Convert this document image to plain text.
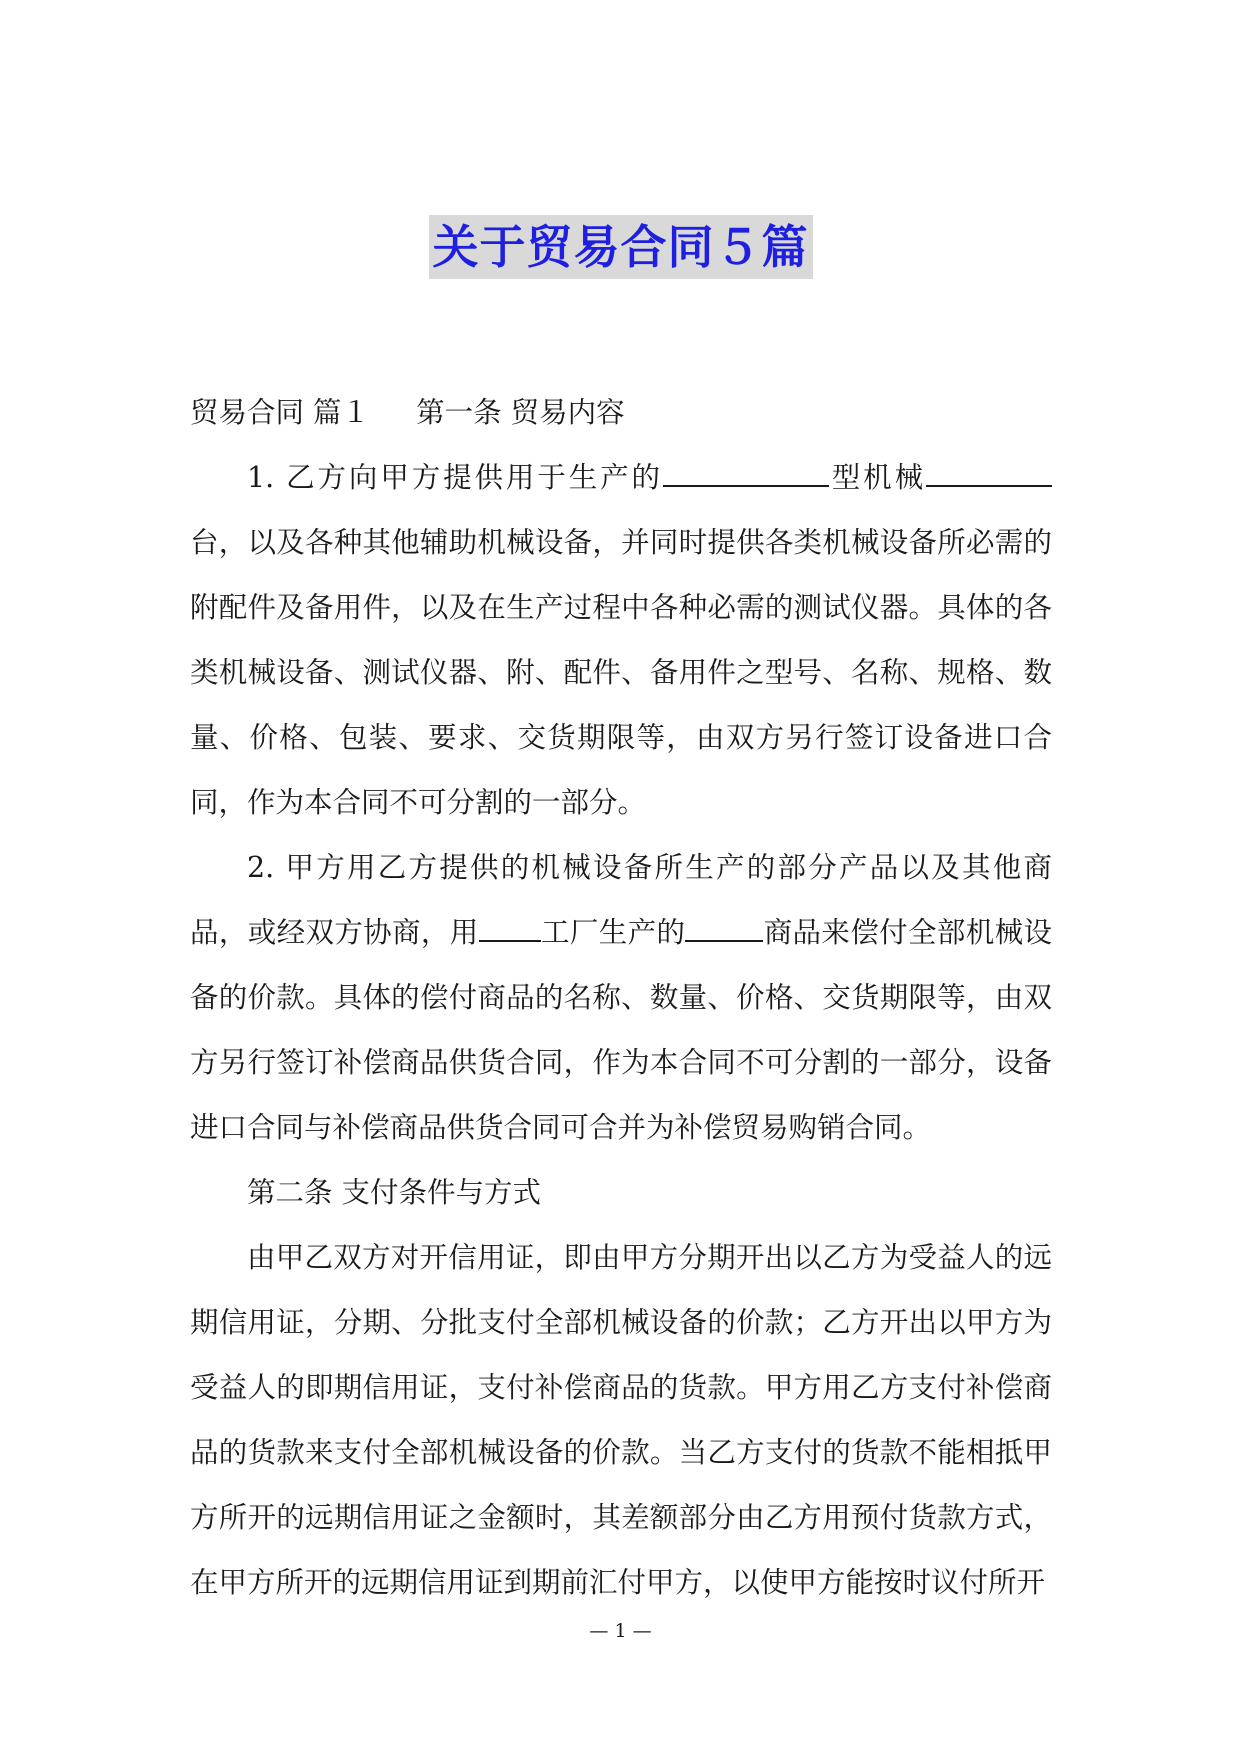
关于贸易合同５篇

贸易合同 篇１ 第一条 贸易内容

1. 乙方向甲方提供用于生产的	型机械台，以及各种其他辅助机械设备，并同时提供各类机械设备所必需的附配件及备用件，以及在生产过程中各种必需的测试仪器。具体的各类机械设备、测试仪器、附、配件、备用件之型号、名称、规格、数量、价格、包装、要求、交货期限等，由双方另行签订设备进口合同，作为本合同不可分割的一部分。

2. 甲方用乙方提供的机械设备所生产的部分产品以及其他商品，或经双方协商，用 工厂生产的	商品来偿付全部机械设备的价款。具体的偿付商品的名称、数量、价格、交货期限等，由双方另行签订补偿商品供货合同，作为本合同不可分割的一部分，设备进口合同与补偿商品供货合同可合并为补偿贸易购销合同。

第二条 支付条件与方式

由甲乙双方对开信用证，即由甲方分期开出以乙方为受益人的远期信用证，分期、分批支付全部机械设备的价款；乙方开出以甲方为受益人的即期信用证，支付补偿商品的货款。甲方用乙方支付补偿商品的货款来支付全部机械设备的价款。当乙方支付的货款不能相抵甲方所开的远期信用证之金额时，其差额部分由乙方用预付货款方式，在甲方所开的远期信用证到期前汇付甲方，以使甲方能按时议付所开

— 1 —
